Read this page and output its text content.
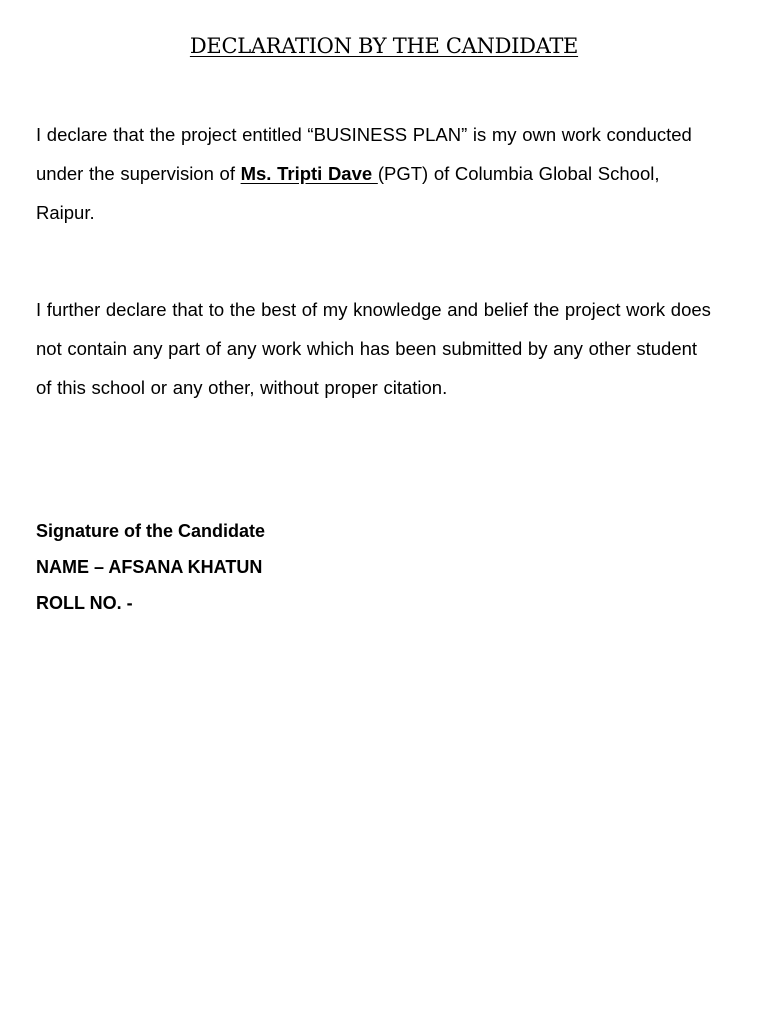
DECLARATION BY THE CANDIDATE

I declare that the project entitled “BUSINESS PLAN” is my own work conducted under the supervision of Ms. Tripti Dave (PGT) of Columbia Global School, Raipur.

I further declare that to the best of my knowledge and belief the project work does not contain any part of any work which has been submitted by any other student of this school or any other, without proper citation.

Signature of the Candidate

NAME – AFSANA KHATUN

ROLL NO. -
